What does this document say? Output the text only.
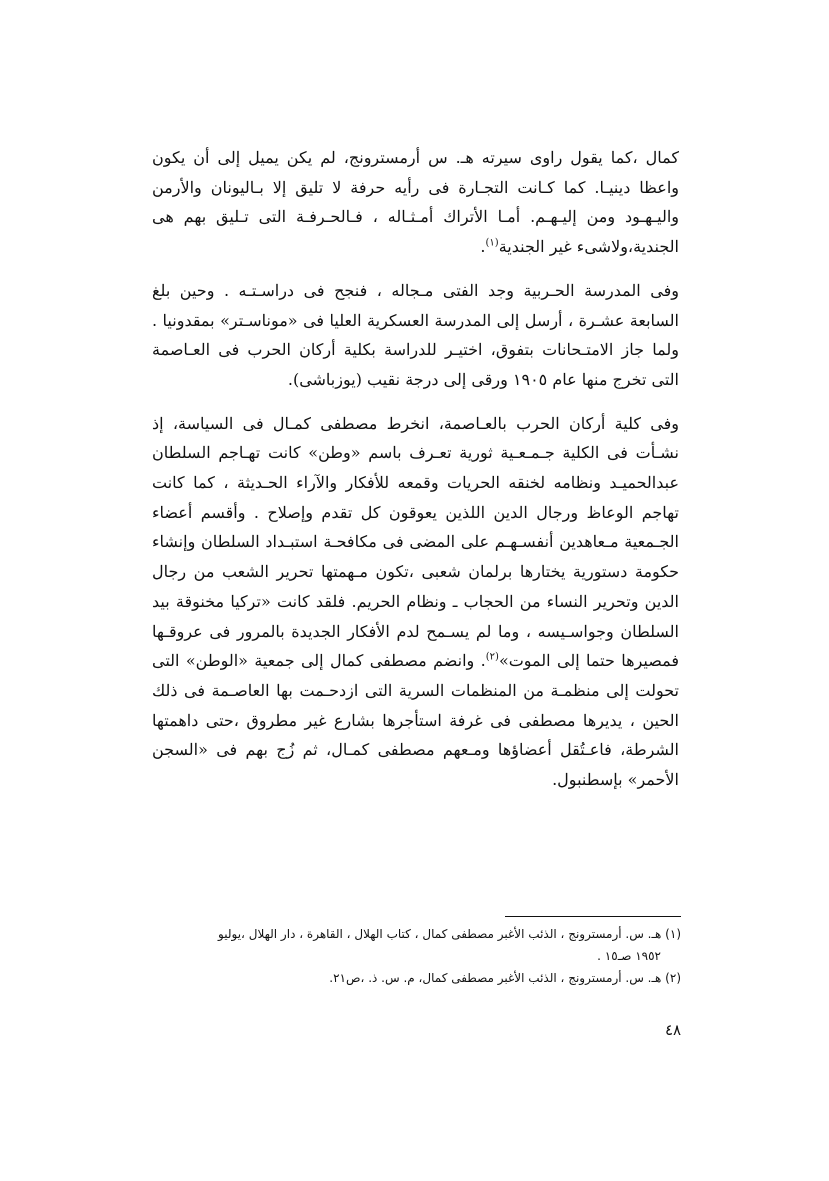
كمال ،كما يقول راوى سيرته هـ. س أرمسترونج، لم يكن يميل إلى أن يكون واعظا دينيـا. كما كـانت التجـارة فى رأيه حرفة لا تليق إلا بـاليونان والأرمن واليـهـود ومن إليـهـم. أمـا الأتراك أمـثـاله ، فـالحـرفـة التى تـليق بهم هى الجندية،ولاشىء غير الجندية$^{(١)}$.

وفى المدرسة الحـربية وجد الفتى مـجاله ، فنجح فى دراسـتـه . وحين بلغ السابعة عشـرة ، أرسل إلى المدرسة العسكرية العليا فى «موناسـتر» بمقدونيا . ولما جاز الامتـحانات بتفوق، اختيـر للدراسة بكلية أركان الحرب فى العـاصمة التى تخرج منها عام ١٩٠٥ ورقى إلى درجة نقيب (يوزباشى).

وفى كلية أركان الحرب بالعـاصمة، انخرط مصطفى كمـال فى السياسة، إذ نشـأت فى الكلية جـمـعـية ثورية تعـرف باسم «وطن» كانت تهـاجم السلطان عبدالحميـد ونظامه لخنقه الحريات وقمعه للأفكار والآراء الحـديثة ، كما كانت تهاجم الوعاظ ورجال الدين اللذين يعوقون كل تقدم وإصلاح . وأقسم أعضاء الجـمعية مـعاهدين أنفسـهـم على المضى فى مكافحـة استبـداد السلطان وإنشاء حكومة دستورية يختارها برلمان شعبى ،تكون مـهمتها تحرير الشعب من رجال الدين وتحرير النساء من الحجاب ـ ونظام الحريم. فلقد كانت «تركيا مخنوقة بيد السلطان وجواسـيسه ، وما لم يسـمح لدم الأفكار الجديدة بالمرور فى عروقـها فمصيرها حتما إلى الموت»$^{(٢)}$. وانضم مصطفى كمال إلى جمعية «الوطن» التى تحولت إلى منظمـة من المنظمات السرية التى ازدحـمت بها العاصـمة فى ذلك الحين ، يديرها مصطفى فى غرفة استأجرها بشارع غير مطروق ،حتى داهمتها الشرطة، فاعـتُقل أعضاؤها ومـعهم مصطفى كمـال، ثم زُج بهم فى «السجن الأحمر» بإسطنبول.

(١) هـ. س. أرمسترونج ، الذئب الأغبر مصطفى كمال ، كتاب الهلال ، القاهرة ، دار الهلال ،يوليو
١٩٥٢ صـ١٥ .

(٢) هـ. س. أرمسترونج ، الذئب الأغبر مصطفى كمال، م. س. ذ. ،ص٢١.

٤٨
